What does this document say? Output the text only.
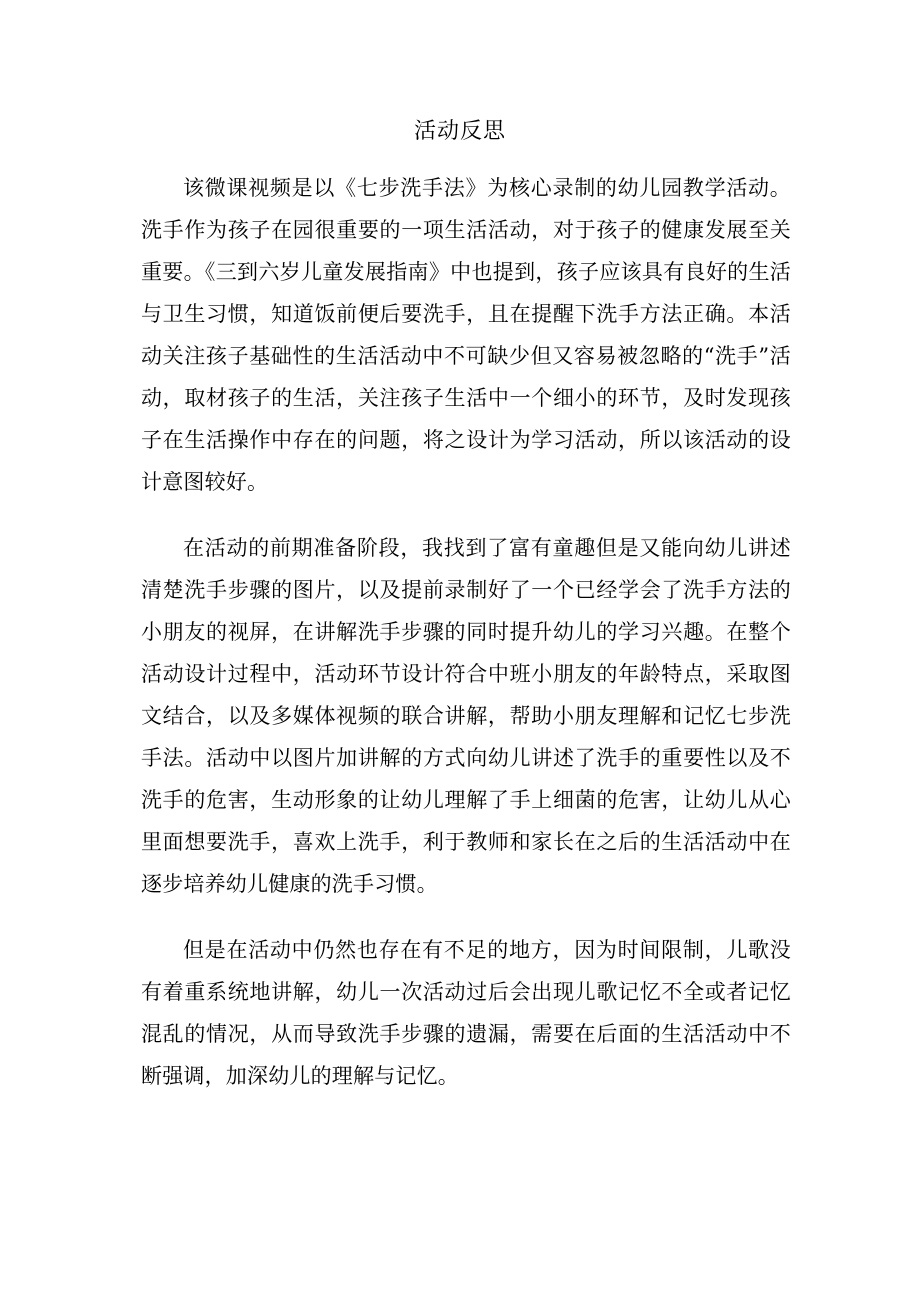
活动反思

该微课视频是以《七步洗手法》为核心录制的幼儿园教学活动。洗手作为孩子在园很重要的一项生活活动，对于孩子的健康发展至关重要。《三到六岁儿童发展指南》中也提到，孩子应该具有良好的生活与卫生习惯，知道饭前便后要洗手，且在提醒下洗手方法正确。本活动关注孩子基础性的生活活动中不可缺少但又容易被忽略的“洗手”活动，取材孩子的生活，关注孩子生活中一个细小的环节，及时发现孩子在生活操作中存在的问题，将之设计为学习活动，所以该活动的设计意图较好。

在活动的前期准备阶段，我找到了富有童趣但是又能向幼儿讲述清楚洗手步骤的图片，以及提前录制好了一个已经学会了洗手方法的小朋友的视屏，在讲解洗手步骤的同时提升幼儿的学习兴趣。在整个活动设计过程中，活动环节设计符合中班小朋友的年龄特点，采取图文结合，以及多媒体视频的联合讲解，帮助小朋友理解和记忆七步洗手法。活动中以图片加讲解的方式向幼儿讲述了洗手的重要性以及不洗手的危害，生动形象的让幼儿理解了手上细菌的危害，让幼儿从心里面想要洗手，喜欢上洗手，利于教师和家长在之后的生活活动中在逐步培养幼儿健康的洗手习惯。

但是在活动中仍然也存在有不足的地方，因为时间限制，儿歌没有着重系统地讲解，幼儿一次活动过后会出现儿歌记忆不全或者记忆混乱的情况，从而导致洗手步骤的遗漏，需要在后面的生活活动中不断强调，加深幼儿的理解与记忆。
